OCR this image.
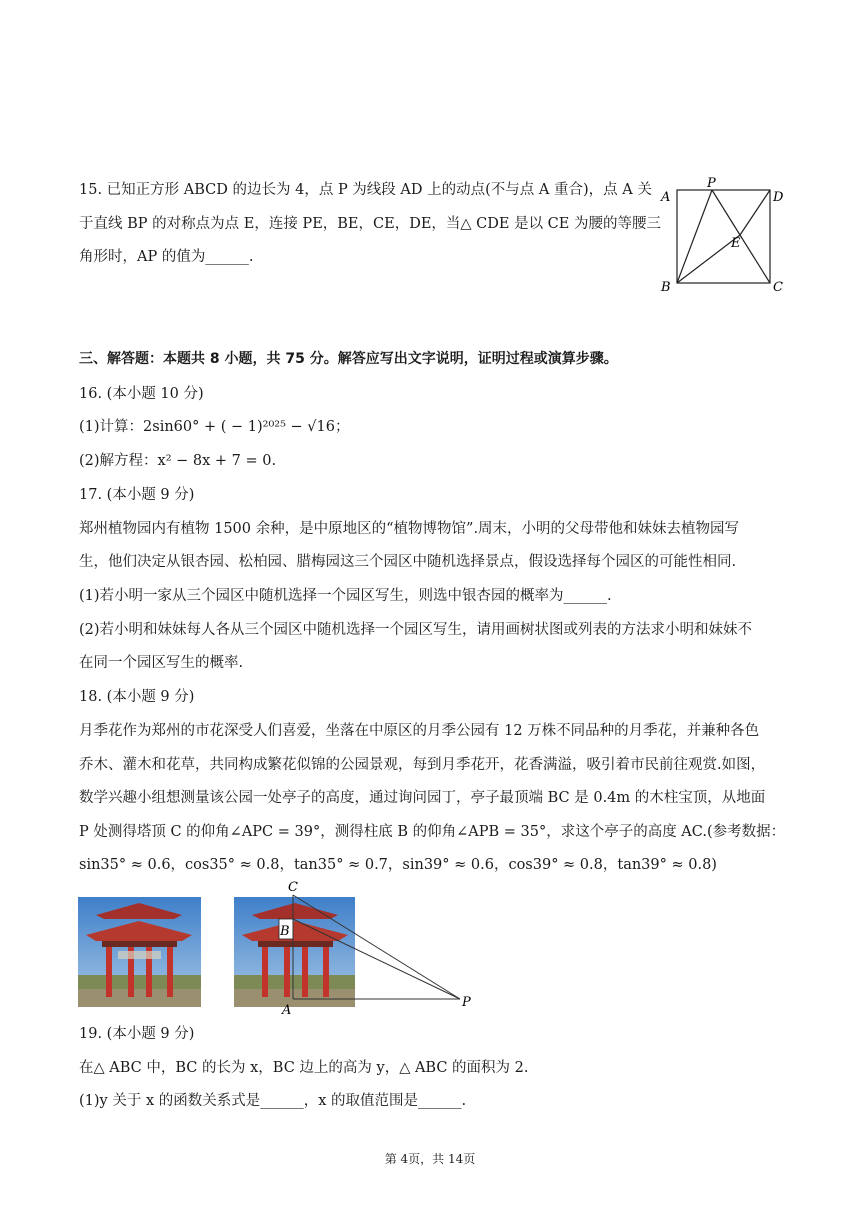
15. 已知正方形 ABCD 的边长为 4，点 P 为线段 AD 上的动点(不与点 A 重合)，点 A 关
于直线 BP 的对称点为点 E，连接 PE，BE，CE，DE，当△ CDE 是以 CE 为腰的等腰三
角形时，AP 的值为______.
A
P
D
E
B	C
三、解答题：本题共 8 小题，共 75 分。解答应写出文字说明，证明过程或演算步骤。
16. (本小题 10 分)
(1)计算：2sin60° + ( − 1)²⁰²⁵ − √16；
(2)解方程：x² − 8x + 7 = 0.
17. (本小题 9 分)
郑州植物园内有植物 1500 余种，是中原地区的“植物博物馆”.周末，小明的父母带他和妹妹去植物园写
生，他们决定从银杏园、松柏园、腊梅园这三个园区中随机选择景点，假设选择每个园区的可能性相同.
(1)若小明一家从三个园区中随机选择一个园区写生，则选中银杏园的概率为______.
(2)若小明和妹妹每人各从三个园区中随机选择一个园区写生，请用画树状图或列表的方法求小明和妹妹不
在同一个园区写生的概率.
18. (本小题 9 分)
月季花作为郑州的市花深受人们喜爱，坐落在中原区的月季公园有 12 万株不同品种的月季花，并兼种各色
乔木、灌木和花草，共同构成繁花似锦的公园景观，每到月季花开，花香满溢，吸引着市民前往观赏.如图，
数学兴趣小组想测量该公园一处亭子的高度，通过询问园丁，亭子最顶端 BC 是 0.4m 的木柱宝顶，从地面
P 处测得塔顶 C 的仰角∠APC = 39°，测得柱底 B 的仰角∠APB = 35°，求这个亭子的高度 AC.(参考数据：
sin35° ≈ 0.6，cos35° ≈ 0.8，tan35° ≈ 0.7，sin39° ≈ 0.6，cos39° ≈ 0.8，tan39° ≈ 0.8)
C
B
A
P
19. (本小题 9 分)
在△ ABC 中，BC 的长为 x，BC 边上的高为 y，△ ABC 的面积为 2.
(1)y 关于 x 的函数关系式是______，x 的取值范围是______.
第 4页，共 14页
